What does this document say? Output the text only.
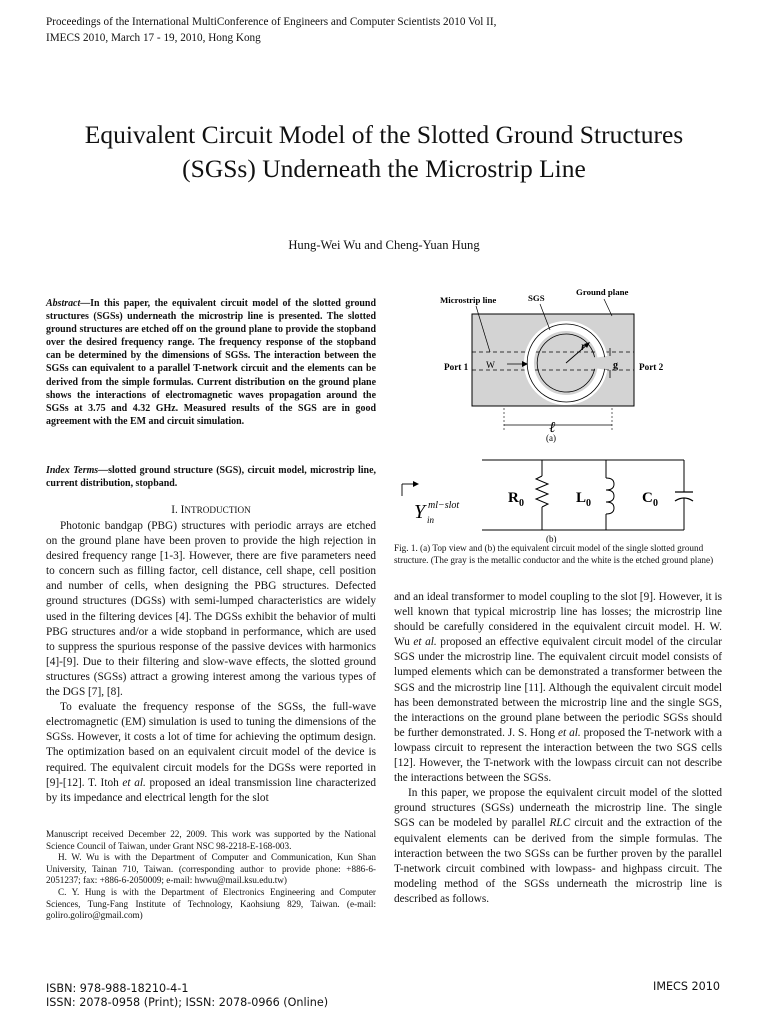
Proceedings of the International MultiConference of Engineers and Computer Scientists 2010 Vol II,
IMECS 2010, March 17 - 19, 2010, Hong Kong
Equivalent Circuit Model of the Slotted Ground Structures (SGSs) Underneath the Microstrip Line
Hung-Wei Wu and Cheng-Yuan Hung
Abstract—In this paper, the equivalent circuit model of the slotted ground structures (SGSs) underneath the microstrip line is presented. The slotted ground structures are etched off on the ground plane to provide the stopband over the desired frequency range. The frequency response of the stopband can be determined by the dimensions of SGSs. The interaction between the SGSs can equivalent to a parallel T-network circuit and the elements can be derived from the simple formulas. Current distribution on the ground plane shows the interactions of electromagnetic waves propagation around the SGSs at 3.75 and 4.32 GHz. Measured results of the SGS are in good agreement with the EM and circuit simulation.
Index Terms—slotted ground structure (SGS), circuit model, microstrip line, current distribution, stopband.
I. INTRODUCTION

Photonic bandgap (PBG) structures with periodic arrays are etched on the ground plane have been proven to provide the high rejection in desired frequency range [1-3]. However, there are five parameters need to concern such as filling factor, cell distance, cell shape, cell position and number of cells, when designing the PBG structures. Defected ground structures (DGSs) with semi-lumped characteristics are widely used in the filtering devices [4]. The DGSs exhibit the behavior of multi PBG structures and/or a wide stopband in performance, which are used to suppress the spurious response of the passive devices with harmonics [4]-[9]. Due to their filtering and slow-wave effects, the slotted ground structures (SGSs) attract a growing interest among the various types of the DGS [7], [8].

To evaluate the frequency response of the SGSs, the full-wave electromagnetic (EM) simulation is used to tuning the dimensions of the SGSs. However, it costs a lot of time for achieving the optimum design. The optimization based on an equivalent circuit model of the device is required. The equivalent circuit models for the DGSs were reported in [9]-[12]. T. Itoh et al. proposed an ideal transmission line characterized by its impedance and electrical length for the slot

Manuscript received December 22, 2009. This work was supported by the National Science Council of Taiwan, under Grant NSC 98-2218-E-168-003.

H. W. Wu is with the Department of Computer and Communication, Kun Shan University, Tainan 710, Taiwan. (corresponding author to provide phone: +886-6-2051237; fax: +886-6-2050009; e-mail: hwwu@mail.ksu.edu.tw)

C. Y. Hung is with the Department of Electronics Engineering and Computer Sciences, Tung-Fang Institute of Technology, Kaohsiung 829, Taiwan. (e-mail: goliro.goliro@gmail.com)

r
W	g
Port 1	Port 2
Microstrip line	SGS
Ground plane
ℓ
(a)
Y ml−slot
in
R 0	L 0	C 0
(b)
Fig. 1. (a) Top view and (b) the equivalent circuit model of the single slotted ground structure. (The gray is the metallic conductor and the white is the etched ground plane)

and an ideal transformer to model coupling to the slot [9]. However, it is well known that typical microstrip line has losses; the microstrip line should be carefully considered in the equivalent circuit model. H. W. Wu et al. proposed an effective equivalent circuit model of the circular SGS under the microstrip line. The equivalent circuit model consists of lumped elements which can be demonstrated a transformer between the SGS and the microstrip line [11]. Although the equivalent circuit model has been demonstrated between the microstrip line and the single SGS, the interactions on the ground plane between the periodic SGSs should be further demonstrated. J. S. Hong et al. proposed the T-network with a lowpass circuit to represent the interaction between the two SGS cells [12]. However, the T-network with the lowpass circuit can not describe the interactions between the SGSs.

In this paper, we propose the equivalent circuit model of the slotted ground structures (SGSs) underneath the microstrip line. The single SGS can be modeled by parallel RLC circuit and the extraction of the equivalent elements can be derived from the simple formulas. The interaction between the two SGSs can be further proven by the parallel T-network circuit combined with lowpass- and highpass circuit. The modeling method of the SGSs underneath the microstrip line is described as follows.

ISBN: 978-988-18210-4-1
ISSN: 2078-0958 (Print); ISSN: 2078-0966 (Online)
IMECS 2010
